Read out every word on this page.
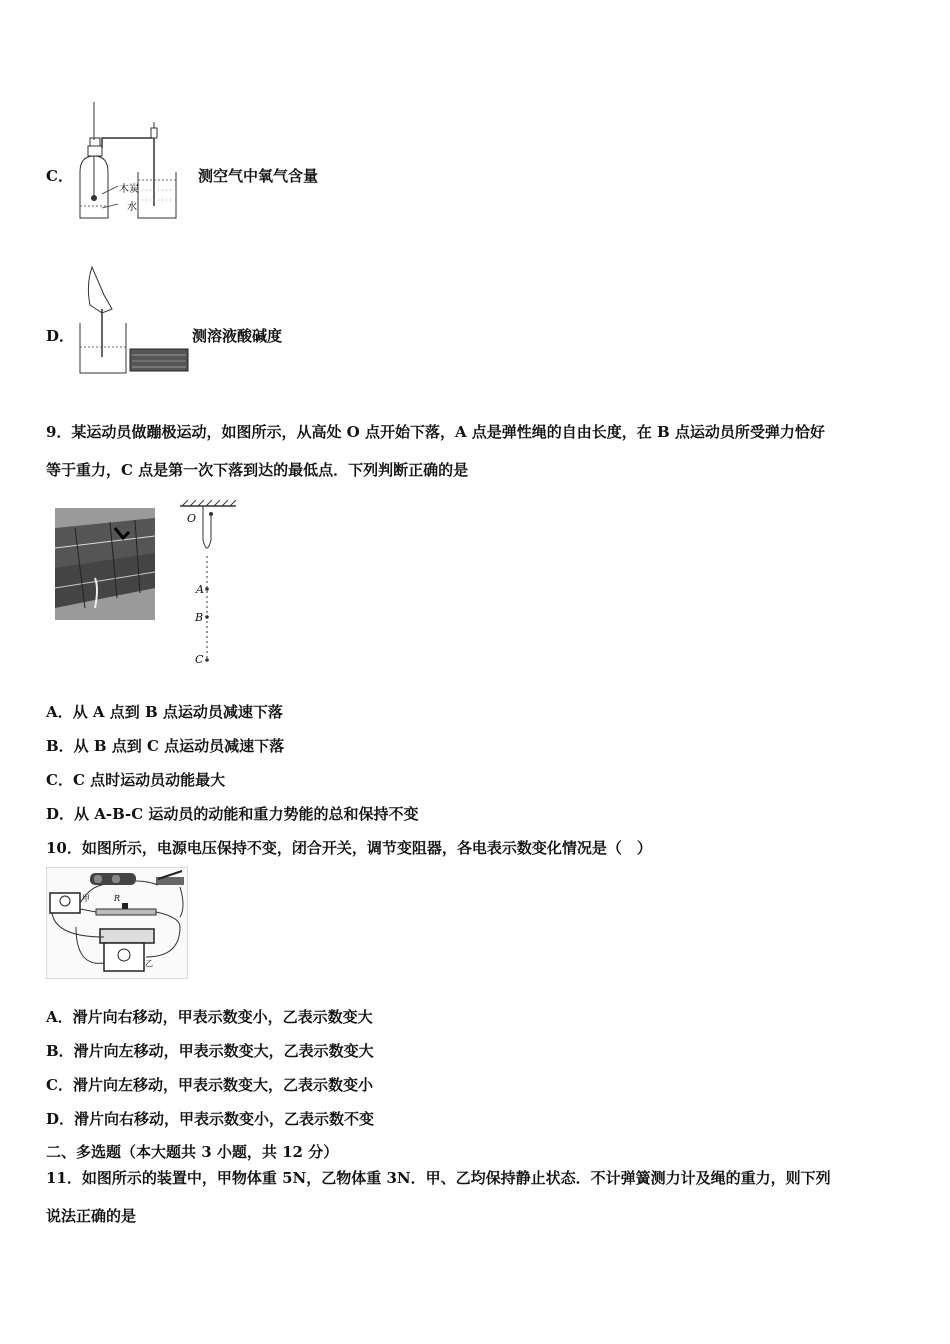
C．
木炭
水
测空气中氧气含量
D．	测溶液酸碱度
9．某运动员做蹦极运动，如图所示，从高处 O 点开始下落，A 点是弹性绳的自由长度，在 B 点运动员所受弹力恰好
等于重力，C 点是第一次下落到达的最低点．下列判断正确的是
O
A
B
C
A．从 A 点到 B 点运动员减速下落
B．从 B 点到 C 点运动员减速下落
C．C 点时运动员动能最大
D．从 A-B-C 运动员的动能和重力势能的总和保持不变
10．如图所示，电源电压保持不变，闭合开关，调节变阻器，各电表示数变化情况是（　）
甲	R
乙
A．滑片向右移动，甲表示数变小，乙表示数变大
B．滑片向左移动，甲表示数变大，乙表示数变大
C．滑片向左移动，甲表示数变大，乙表示数变小
D．滑片向右移动，甲表示数变小，乙表示数不变
二、多选题（本大题共 3 小题，共 12 分）
11．如图所示的装置中，甲物体重 5N，乙物体重 3N．甲、乙均保持静止状态．不计弹簧测力计及绳的重力，则下列
说法正确的是
